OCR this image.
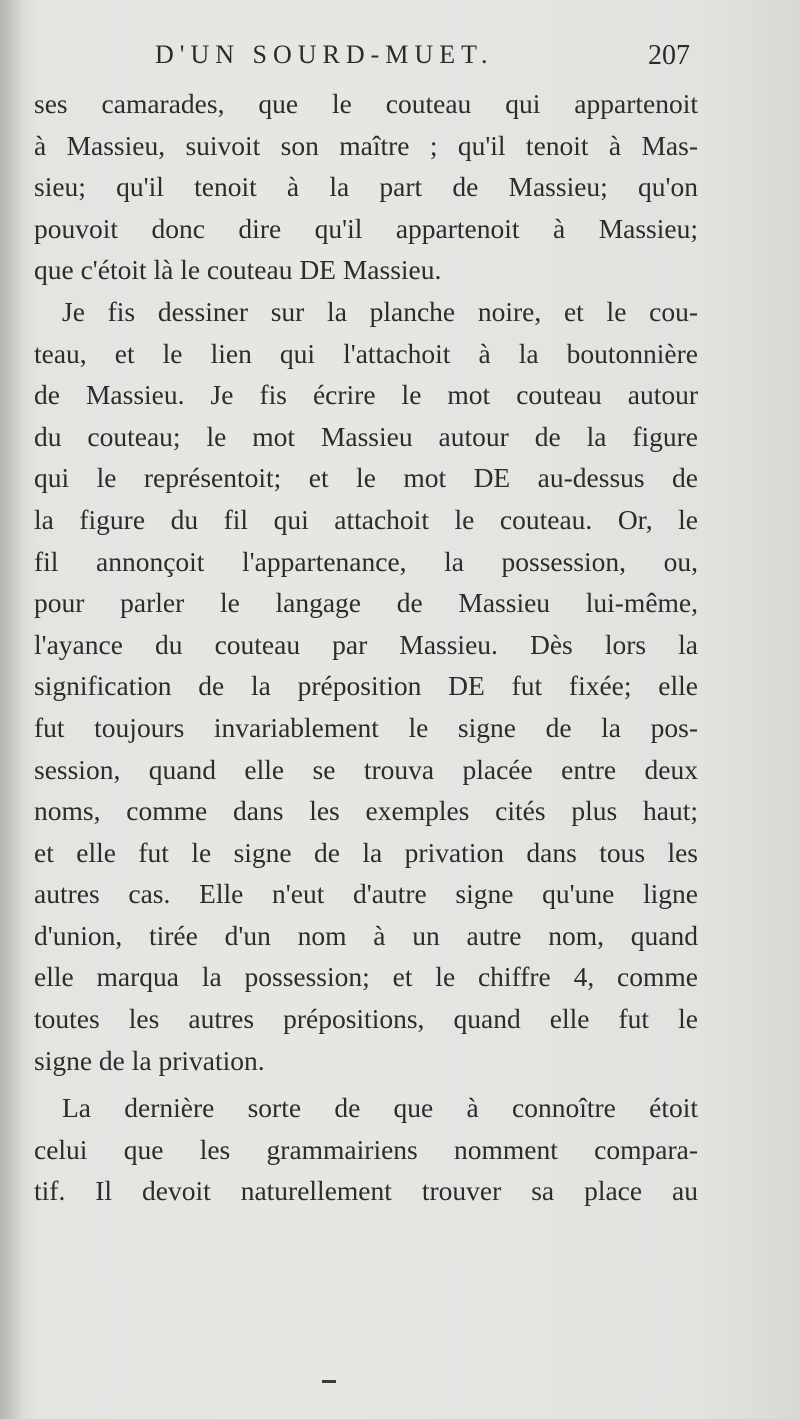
D'UN SOURD-MUET.	207
ses camarades, que le couteau qui appartenoit
à Massieu, suivoit son maître ; qu'il tenoit à Mas-
sieu; qu'il tenoit à la part de Massieu; qu'on
pouvoit donc dire qu'il appartenoit à Massieu;
que c'étoit là le couteau DE Massieu.
Je fis dessiner sur la planche noire, et le cou-
teau, et le lien qui l'attachoit à la boutonnière
de Massieu. Je fis écrire le mot couteau autour
du couteau; le mot Massieu autour de la figure
qui le représentoit; et le mot DE au-dessus de
la figure du fil qui attachoit le couteau. Or, le
fil annonçoit l'appartenance, la possession, ou,
pour parler le langage de Massieu lui-même,
l'ayance du couteau par Massieu. Dès lors la
signification de la préposition DE fut fixée; elle
fut toujours invariablement le signe de la pos-
session, quand elle se trouva placée entre deux
noms, comme dans les exemples cités plus haut;
et elle fut le signe de la privation dans tous les
autres cas. Elle n'eut d'autre signe qu'une ligne
d'union, tirée d'un nom à un autre nom, quand
elle marqua la possession; et le chiffre 4, comme
toutes les autres prépositions, quand elle fut le
signe de la privation.
La dernière sorte de que à connoître étoit
celui que les grammairiens nomment compara-
tif. Il devoit naturellement trouver sa place au
